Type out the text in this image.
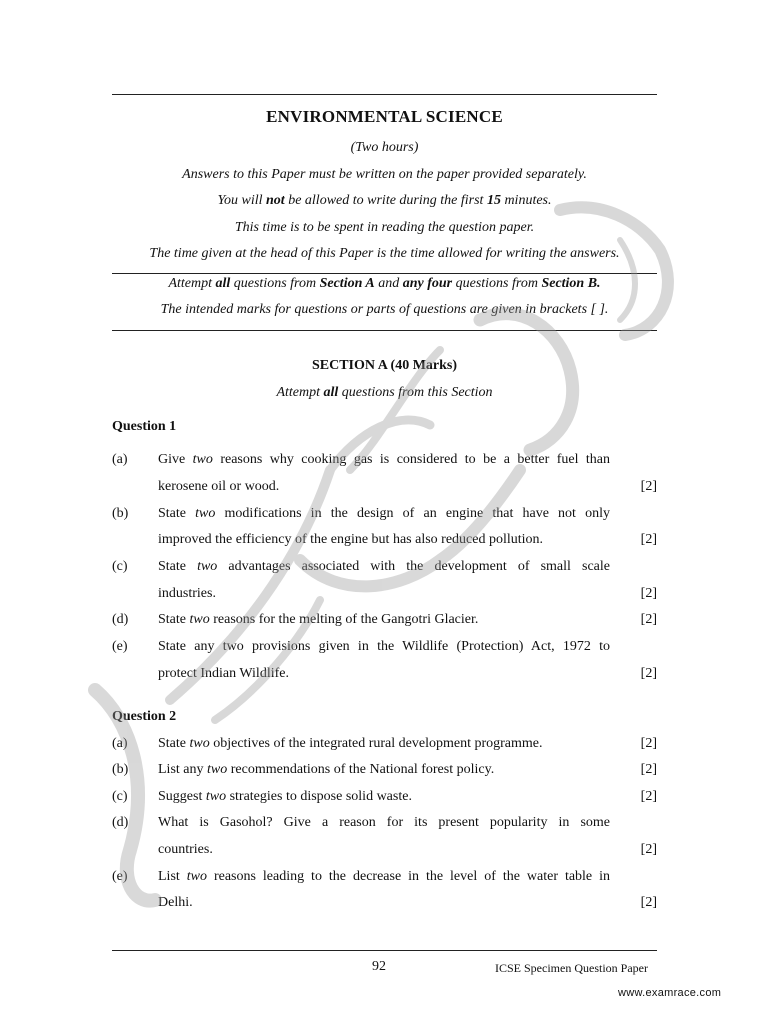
ENVIRONMENTAL SCIENCE
(Two hours)
Answers to this Paper must be written on the paper provided separately.
You will not be allowed to write during the first 15 minutes.
This time is to be spent in reading the question paper.
The time given at the head of this Paper is the time allowed for writing the answers.
Attempt all questions from Section A and any four questions from Section B.
The intended marks for questions or parts of questions are given in brackets [ ].
SECTION A (40 Marks)
Attempt all questions from this Section
Question 1
(a) Give two reasons why cooking gas is considered to be a better fuel than
kerosene oil or wood.	[2]
(b) State two modifications in the design of an engine that have not only
improved the efficiency of the engine but has also reduced pollution.	[2]
(c) State two advantages associated with the development of small scale
industries.	[2]
(d) State two reasons for the melting of the Gangotri Glacier.	[2]
(e) State any two provisions given in the Wildlife (Protection) Act, 1972 to
protect Indian Wildlife.	[2]
Question 2
(a) State two objectives of the integrated rural development programme.	[2]
(b) List any two recommendations of the National forest policy.	[2]
(c) Suggest two strategies to dispose solid waste.	[2]
(d) What is Gasohol? Give a reason for its present popularity in some
countries.	[2]
(e) List two reasons leading to the decrease in the level of the water table in
Delhi.	[2]
92	ICSE Specimen Question Paper
www.examrace.com
